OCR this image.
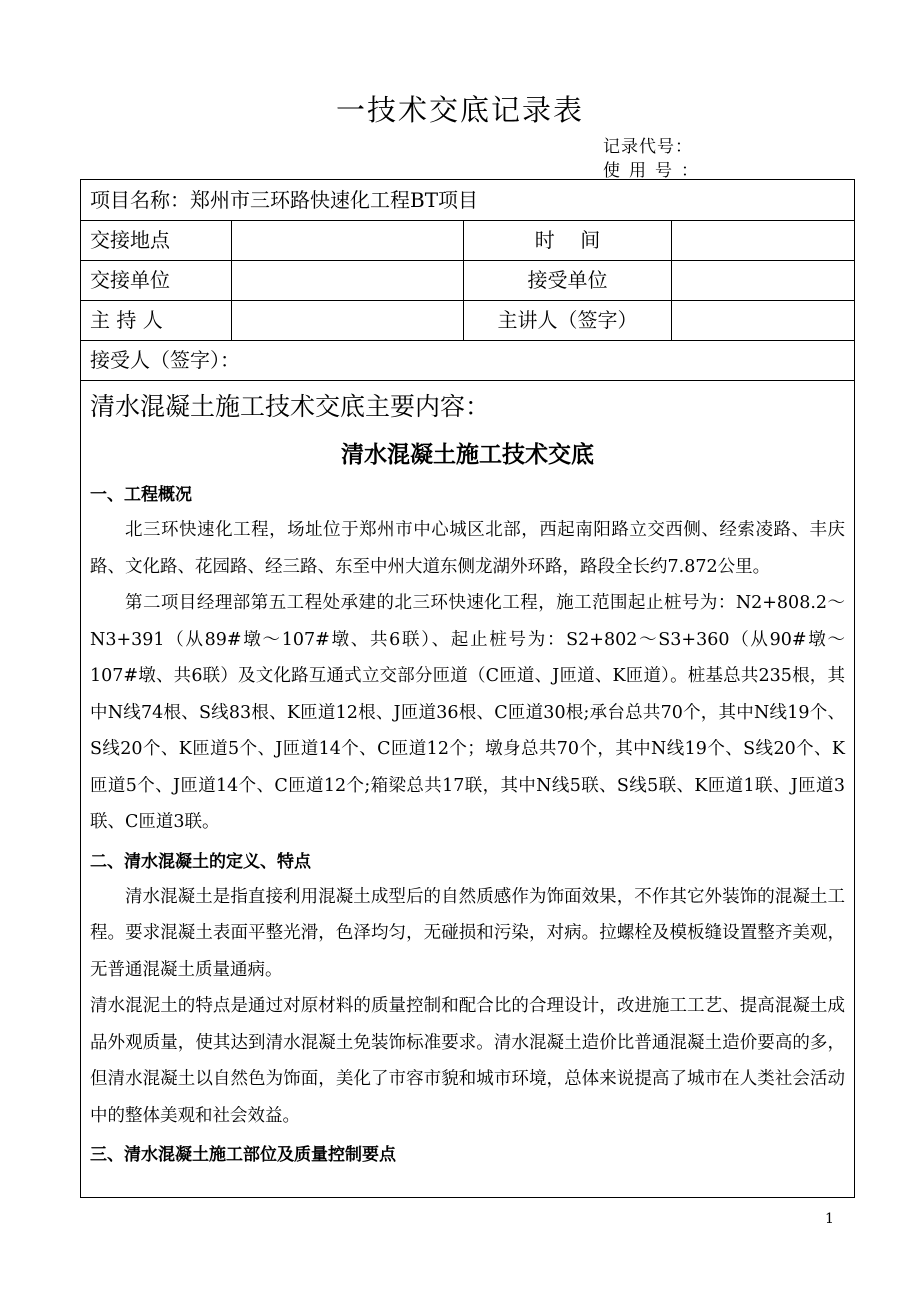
一技术交底记录表
记录代号：
使用号：
项目名称：郑州市三环路快速化工程BT项目
交接地点	时    间
交接单位	接受单位
主 持 人	主讲人（签字）
接受人（签字）：
清水混凝土施工技术交底主要内容：
清水混凝土施工技术交底
一、工程概况

北三环快速化工程，场址位于郑州市中心城区北部，西起南阳路立交西侧、经索凌路、丰庆路、文化路、花园路、经三路、东至中州大道东侧龙湖外环路，路段全长约7.872公里。

第二项目经理部第五工程处承建的北三环快速化工程，施工范围起止桩号为：N2+808.2～N3+391（从89#墩～107#墩、共6联）、起止桩号为：S2+802～S3+360（从90#墩～107#墩、共6联）及文化路互通式立交部分匝道（C匝道、J匝道、K匝道）。桩基总共235根，其中N线74根、S线83根、K匝道12根、J匝道36根、C匝道30根;承台总共70个，其中N线19个、S线20个、K匝道5个、J匝道14个、C匝道12个；墩身总共70个，其中N线19个、S线20个、K匝道5个、J匝道14个、C匝道12个;箱梁总共17联，其中N线5联、S线5联、K匝道1联、J匝道3联、C匝道3联。

二、清水混凝土的定义、特点

清水混凝土是指直接利用混凝土成型后的自然质感作为饰面效果，不作其它外装饰的混凝土工程。要求混凝土表面平整光滑，色泽均匀，无碰损和污染，对病。拉螺栓及模板缝设置整齐美观，无普通混凝土质量通病。

清水混泥土的特点是通过对原材料的质量控制和配合比的合理设计，改进施工工艺、提高混凝土成品外观质量，使其达到清水混凝土免装饰标准要求。清水混凝土造价比普通混凝土造价要高的多，但清水混凝土以自然色为饰面，美化了市容市貌和城市环境，总体来说提高了城市在人类社会活动中的整体美观和社会效益。

三、清水混凝土施工部位及质量控制要点
1
